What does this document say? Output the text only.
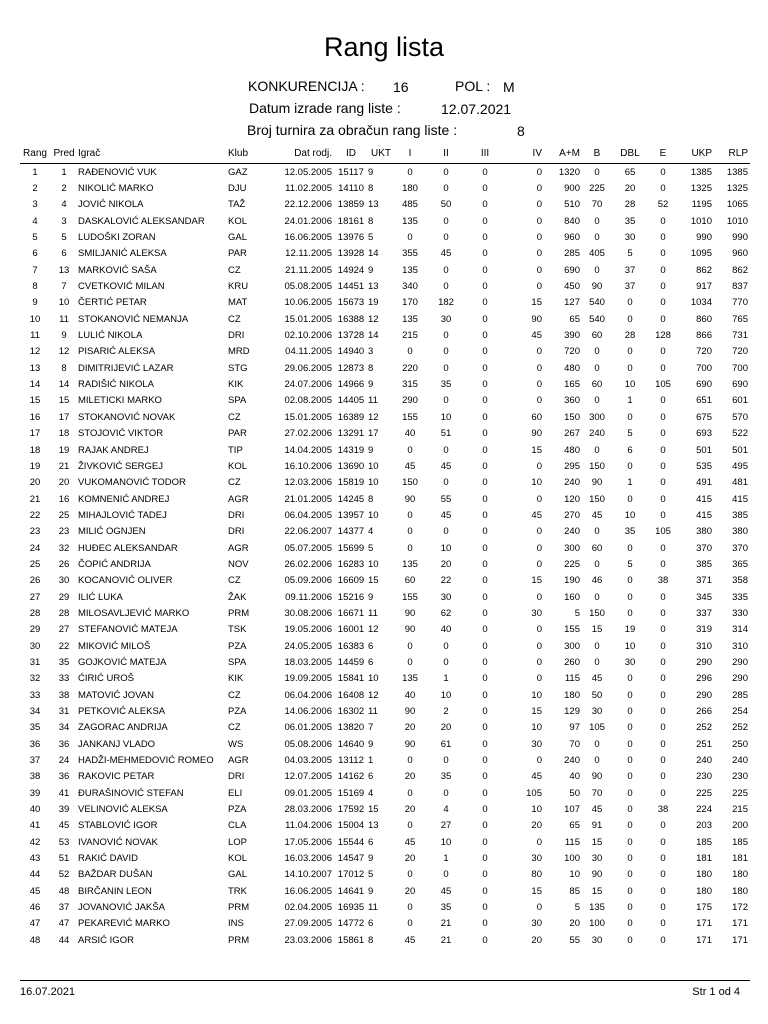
Rang lista
KONKURENCIJA : 16	POL : M
Datum izrade rang liste :	12.07.2021
Broj turnira za obračun rang liste :	8
Rang	Pred	Igrač	Klub	Dat rodj.	ID	UKT	I	II	III	IV	A+M	B	DBL	E	UKP	RLP
1	1	RAĐENOVIĆ VUK	GAZ	12.05.2005	15117	9	0	0	0	0	1320	0	65	0	1385	1385
2	2	NIKOLIĆ MARKO	DJU	11.02.2005	14110	8	180	0	0	0	900	225	20	0	1325	1325
3	4	JOVIĆ NIKOLA	TAŽ	22.12.2006	13859	13	485	50	0	0	510	70	28	52	1195	1065
4	3	DASKALOVIĆ ALEKSANDAR	KOL	24.01.2006	18161	8	135	0	0	0	840	0	35	0	1010	1010
5	5	LUDOŠKI ZORAN	GAL	16.06.2005	13976	5	0	0	0	0	960	0	30	0	990	990
6	6	SMILJANIĆ ALEKSA	PAR	12.11.2005	13928	14	355	45	0	0	285	405	5	0	1095	960
7	13	MARKOVIĆ SAŠA	CZ	21.11.2005	14924	9	135	0	0	0	690	0	37	0	862	862
8	7	CVETKOVIĆ MILAN	KRU	05.08.2005	14451	13	340	0	0	0	450	90	37	0	917	837
9	10	ČERTIĆ PETAR	MAT	10.06.2005	15673	19	170	182	0	15	127	540	0	0	1034	770
10	11	STOKANOVIĆ NEMANJA	CZ	15.01.2005	16388	12	135	30	0	90	65	540	0	0	860	765
11	9	LULIĆ NIKOLA	DRI	02.10.2006	13728	14	215	0	0	45	390	60	28	128	866	731
12	12	PISARIĆ ALEKSA	MRD	04.11.2005	14940	3	0	0	0	0	720	0	0	0	720	720
13	8	DIMITRIJEVIĆ LAZAR	STG	29.06.2005	12873	8	220	0	0	0	480	0	0	0	700	700
14	14	RADIŠIĆ NIKOLA	KIK	24.07.2006	14966	9	315	35	0	0	165	60	10	105	690	690
15	15	MILETICKI MARKO	SPA	02.08.2005	14405	11	290	0	0	0	360	0	1	0	651	601
16	17	STOKANOVIĆ NOVAK	CZ	15.01.2005	16389	12	155	10	0	60	150	300	0	0	675	570
17	18	STOJOVIĆ VIKTOR	PAR	27.02.2006	13291	17	40	51	0	90	267	240	5	0	693	522
18	19	RAJAK ANDREJ	TIP	14.04.2005	14319	9	0	0	0	15	480	0	6	0	501	501
19	21	ŽIVKOVIĆ SERGEJ	KOL	16.10.2006	13690	10	45	45	0	0	295	150	0	0	535	495
20	20	VUKOMANOVIĆ TODOR	CZ	12.03.2006	15819	10	150	0	0	10	240	90	1	0	491	481
21	16	KOMNENIĆ ANDREJ	AGR	21.01.2005	14245	8	90	55	0	0	120	150	0	0	415	415
22	25	MIHAJLOVIĆ TADEJ	DRI	06.04.2005	13957	10	0	45	0	45	270	45	10	0	415	385
23	23	MILIĆ OGNJEN	DRI	22.06.2007	14377	4	0	0	0	0	240	0	35	105	380	380
24	32	HUĐEC ALEKSANDAR	AGR	05.07.2005	15699	5	0	10	0	0	300	60	0	0	370	370
25	26	ČOPIĆ ANDRIJA	NOV	26.02.2006	16283	10	135	20	0	0	225	0	5	0	385	365
26	30	KOCANOVIĆ OLIVER	CZ	05.09.2006	16609	15	60	22	0	15	190	46	0	38	371	358
27	29	ILIĆ LUKA	ŽAK	09.11.2006	15216	9	155	30	0	0	160	0	0	0	345	335
28	28	MILOSAVLJEVIĆ MARKO	PRM	30.08.2006	16671	11	90	62	0	30	5	150	0	0	337	330
29	27	STEFANOVIĆ MATEJA	TSK	19.05.2006	16001	12	90	40	0	0	155	15	19	0	319	314
30	22	MIKOVIĆ MILOŠ	PZA	24.05.2005	16383	6	0	0	0	0	300	0	10	0	310	310
31	35	GOJKOVIĆ MATEJA	SPA	18.03.2005	14459	6	0	0	0	0	260	0	30	0	290	290
32	33	ĆIRIĆ UROŠ	KIK	19.09.2005	15841	10	135	1	0	0	115	45	0	0	296	290
33	38	MATOVIĆ JOVAN	CZ	06.04.2006	16408	12	40	10	0	10	180	50	0	0	290	285
34	31	PETKOVIĆ ALEKSA	PZA	14.06.2006	16302	11	90	2	0	15	129	30	0	0	266	254
35	34	ZAGORAC ANDRIJA	CZ	06.01.2005	13820	7	20	20	0	10	97	105	0	0	252	252
36	36	JANKANJ VLADO	WS	05.08.2006	14640	9	90	61	0	30	70	0	0	0	251	250
37	24	HADŽI-MEHMEDOVIĆ ROMEO	AGR	04.03.2005	13112	1	0	0	0	0	240	0	0	0	240	240
38	36	RAKOVIC PETAR	DRI	12.07.2005	14162	6	20	35	0	45	40	90	0	0	230	230
39	41	ĐURAŠINOVIĆ STEFAN	ELI	09.01.2005	15169	4	0	0	0	105	50	70	0	0	225	225
40	39	VELINOVIĆ ALEKSA	PZA	28.03.2006	17592	15	20	4	0	10	107	45	0	38	224	215
41	45	STABLOVIĆ IGOR	CLA	11.04.2006	15004	13	0	27	0	20	65	91	0	0	203	200
42	53	IVANOVIĆ NOVAK	LOP	17.05.2006	15544	6	45	10	0	0	115	15	0	0	185	185
43	51	RAKIĆ DAVID	KOL	16.03.2006	14547	9	20	1	0	30	100	30	0	0	181	181
44	52	BAŽDAR DUŠAN	GAL	14.10.2007	17012	5	0	0	0	80	10	90	0	0	180	180
45	48	BIRČANIN LEON	TRK	16.06.2005	14641	9	20	45	0	15	85	15	0	0	180	180
46	37	JOVANOVIĆ JAKŠA	PRM	02.04.2005	16935	11	0	35	0	0	5	135	0	0	175	172
47	47	PEKAREVIĆ MARKO	INS	27.09.2005	14772	6	0	21	0	30	20	100	0	0	171	171
48	44	ARSIĆ IGOR	PRM	23.03.2006	15861	8	45	21	0	20	55	30	0	0	171	171
16.07.2021	Str 1 od 4
